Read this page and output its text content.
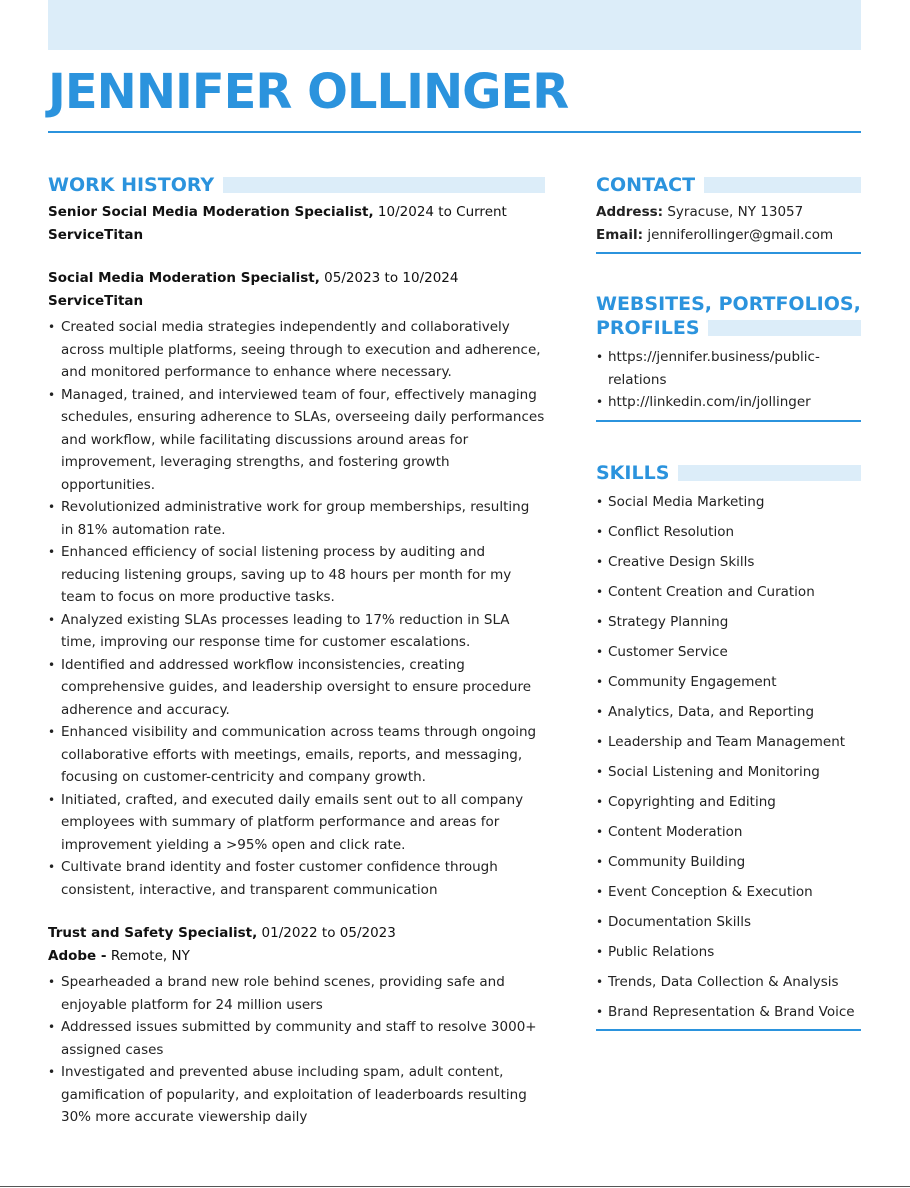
JENNIFER OLLINGER
WORK HISTORY
Senior Social Media Moderation Specialist, 10/2024 to Current
ServiceTitan
Social Media Moderation Specialist, 05/2023 to 10/2024
ServiceTitan
• Created social media strategies independently and collaboratively across multiple platforms, seeing through to execution and adherence, and monitored performance to enhance where necessary.
• Managed, trained, and interviewed team of four, effectively managing schedules, ensuring adherence to SLAs, overseeing daily performances and workflow, while facilitating discussions around areas for improvement, leveraging strengths, and fostering growth opportunities.
• Revolutionized administrative work for group memberships, resulting in 81% automation rate.
• Enhanced efficiency of social listening process by auditing and reducing listening groups, saving up to 48 hours per month for my team to focus on more productive tasks.
• Analyzed existing SLAs processes leading to 17% reduction in SLA time, improving our response time for customer escalations.
• Identified and addressed workflow inconsistencies, creating comprehensive guides, and leadership oversight to ensure procedure adherence and accuracy.
• Enhanced visibility and communication across teams through ongoing collaborative efforts with meetings, emails, reports, and messaging, focusing on customer-centricity and company growth.
• Initiated, crafted, and executed daily emails sent out to all company employees with summary of platform performance and areas for improvement yielding a >95% open and click rate.
• Cultivate brand identity and foster customer confidence through consistent, interactive, and transparent communication
Trust and Safety Specialist, 01/2022 to 05/2023
Adobe - Remote, NY
• Spearheaded a brand new role behind scenes, providing safe and enjoyable platform for 24 million users
• Addressed issues submitted by community and staff to resolve 3000+ assigned cases
• Investigated and prevented abuse including spam, adult content, gamification of popularity, and exploitation of leaderboards resulting 30% more accurate viewership daily
CONTACT
Address: Syracuse, NY 13057
Email: jenniferollinger@gmail.com
WEBSITES, PORTFOLIOS,
PROFILES
• https://jennifer.business/public-relations
• http://linkedin.com/in/jollinger
SKILLS
• Social Media Marketing
• Conflict Resolution
• Creative Design Skills
• Content Creation and Curation
• Strategy Planning
• Customer Service
• Community Engagement
• Analytics, Data, and Reporting
• Leadership and Team Management
• Social Listening and Monitoring
• Copyrighting and Editing
• Content Moderation
• Community Building
• Event Conception & Execution
• Documentation Skills
• Public Relations
• Trends, Data Collection & Analysis
• Brand Representation & Brand Voice
